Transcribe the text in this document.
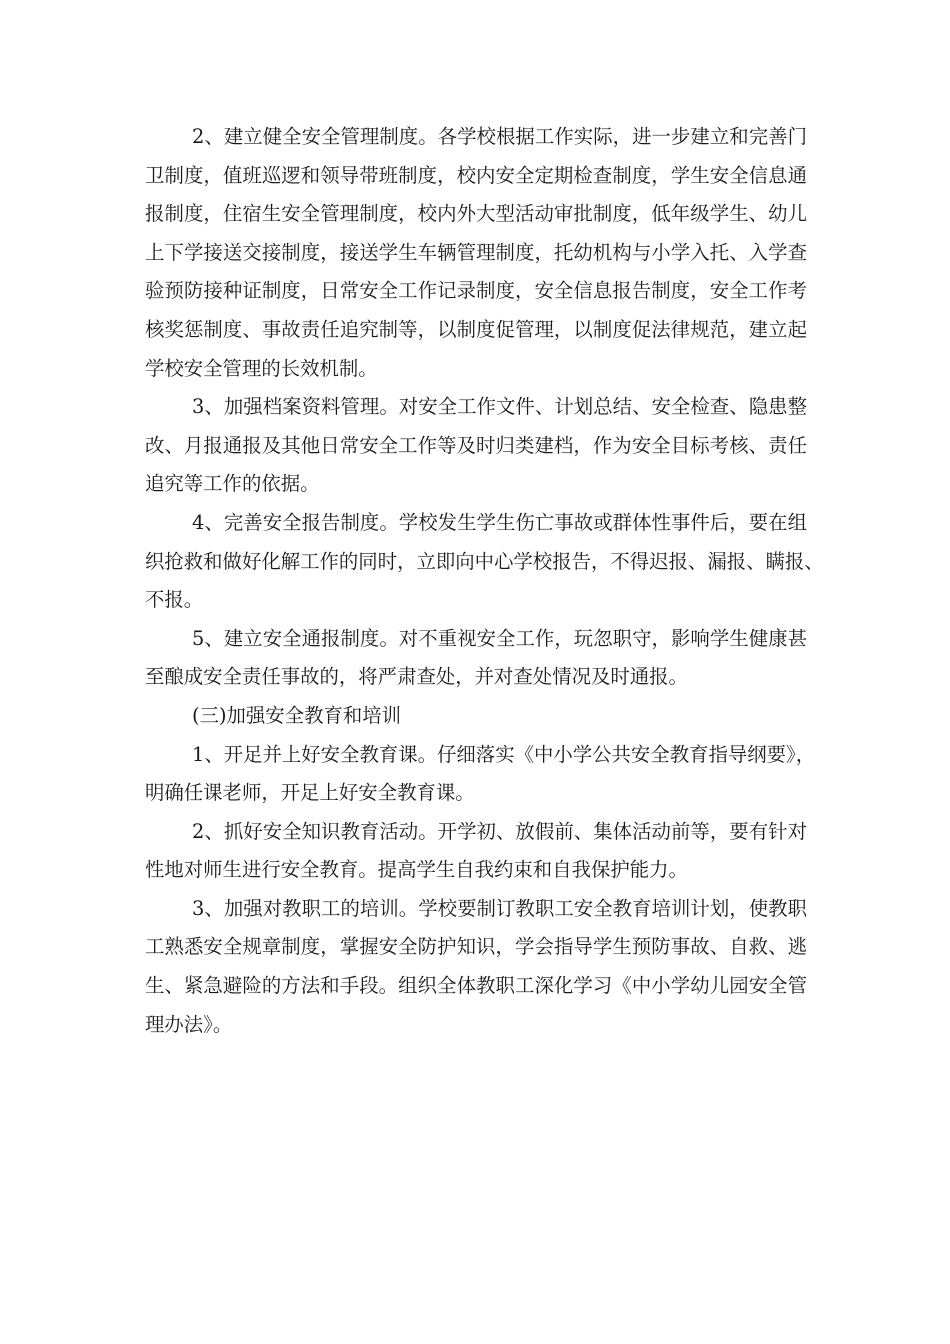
2、建立健全安全管理制度。各学校根据工作实际，进一步建立和完善门
卫制度，值班巡逻和领导带班制度，校内安全定期检查制度，学生安全信息通
报制度，住宿生安全管理制度，校内外大型活动审批制度，低年级学生、幼儿
上下学接送交接制度，接送学生车辆管理制度，托幼机构与小学入托、入学查
验预防接种证制度，日常安全工作记录制度，安全信息报告制度，安全工作考
核奖惩制度、事故责任追究制等，以制度促管理，以制度促法律规范，建立起
学校安全管理的长效机制。
3、加强档案资料管理。对安全工作文件、计划总结、安全检查、隐患整
改、月报通报及其他日常安全工作等及时归类建档，作为安全目标考核、责任
追究等工作的依据。
4、完善安全报告制度。学校发生学生伤亡事故或群体性事件后，要在组
织抢救和做好化解工作的同时，立即向中心学校报告，不得迟报、漏报、瞒报、
不报。
5、建立安全通报制度。对不重视安全工作，玩忽职守，影响学生健康甚
至酿成安全责任事故的，将严肃查处，并对查处情况及时通报。
(三)加强安全教育和培训
1、开足并上好安全教育课。仔细落实《中小学公共安全教育指导纲要》，
明确任课老师，开足上好安全教育课。
2、抓好安全知识教育活动。开学初、放假前、集体活动前等，要有针对
性地对师生进行安全教育。提高学生自我约束和自我保护能力。
3、加强对教职工的培训。学校要制订教职工安全教育培训计划，使教职
工熟悉安全规章制度，掌握安全防护知识，学会指导学生预防事故、自救、逃
生、紧急避险的方法和手段。组织全体教职工深化学习《中小学幼儿园安全管
理办法》。
